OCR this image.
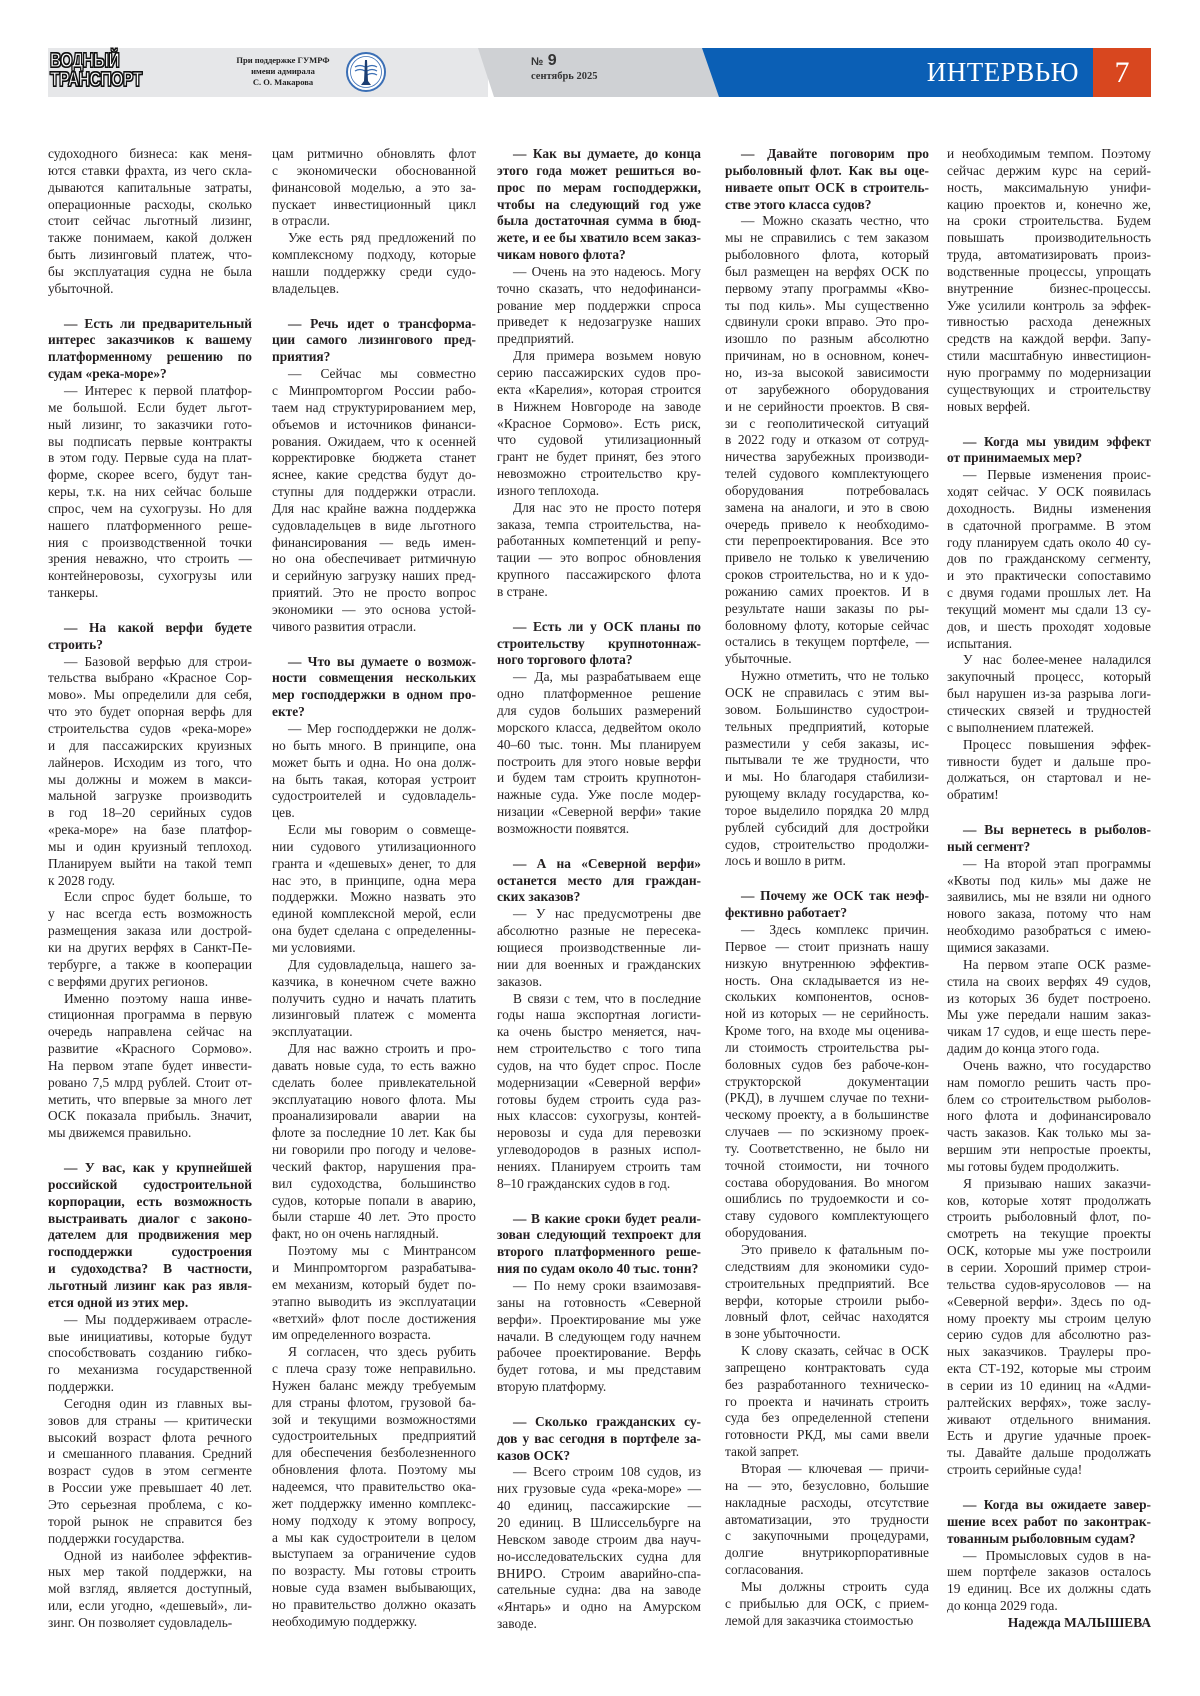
ВОДНЫЙ
ТРАНСПОРТ
При поддержке ГУМРФ
имени адмирала
С. О. Макарова
№ 9
сентябрь 2025	ИНТЕРВЬЮ	7
судоходного бизнеса: как меня-
ются ставки фрахта, из чего скла-
дываются капитальные затраты,
операционные расходы, сколько
стоит сейчас льготный лизинг,
также понимаем, какой должен
быть лизинговый платеж, что-
бы эксплуатация судна не была
убыточной.
— Есть ли предварительный
интерес заказчиков к вашему
платформенному решению по
судам «река-море»?
— Интерес к первой платфор-
ме большой. Если будет льгот-
ный лизинг, то заказчики гото-
вы подписать первые контракты
в этом году. Первые суда на плат-
форме, скорее всего, будут тан-
керы, т.к. на них сейчас больше
спрос, чем на сухогрузы. Но для
нашего платформенного реше-
ния с производственной точки
зрения неважно, что строить —
контейнеровозы, сухогрузы или
танкеры.
— На какой верфи будете
строить?
— Базовой верфью для строи-
тельства выбрано «Красное Сор-
мово». Мы определили для себя,
что это будет опорная верфь для
строительства судов «река-море»
и для пассажирских круизных
лайнеров. Исходим из того, что
мы должны и можем в макси-
мальной загрузке производить
в год 18–20 серийных судов
«река-море» на базе платфор-
мы и один круизный теплоход.
Планируем выйти на такой темп
к 2028 году.
Если спрос будет больше, то
у нас всегда есть возможность
размещения заказа или дострой-
ки на других верфях в Санкт-Пе-
тербурге, а также в кооперации
с верфями других регионов.
Именно поэтому наша инве-
стиционная программа в первую
очередь направлена сейчас на
развитие «Красного Сормово».
На первом этапе будет инвести-
ровано 7,5 млрд рублей. Стоит от-
метить, что впервые за много лет
ОСК показала прибыль. Значит,
мы движемся правильно.
— У вас, как у крупнейшей
российской судостроительной
корпорации, есть возможность
выстраивать диалог с законо-
дателем для продвижения мер
господдержки судостроения
и судоходства? В частности,
льготный лизинг как раз явля-
ется одной из этих мер.
— Мы поддерживаем отрасле-
вые инициативы, которые будут
способствовать созданию гибко-
го механизма государственной
поддержки.
Сегодня один из главных вы-
зовов для страны — критически
высокий возраст флота речного
и смешанного плавания. Средний
возраст судов в этом сегменте
в России уже превышает 40 лет.
Это серьезная проблема, с ко-
торой рынок не справится без
поддержки государства.
Одной из наиболее эффектив-
ных мер такой поддержки, на
мой взгляд, является доступный,
или, если угодно, «дешевый», ли-
зинг. Он позволяет судовладель-
цам ритмично обновлять флот
с экономически обоснованной
финансовой моделью, а это за-
пускает инвестиционный цикл
в отрасли.
Уже есть ряд предложений по
комплексному подходу, которые
нашли поддержку среди судо-
владельцев.
— Речь идет о трансформа-
ции самого лизингового пред-
приятия?
— Сейчас мы совместно
с Минпромторгом России рабо-
таем над структурированием мер,
объемов и источников финанси-
рования. Ожидаем, что к осенней
корректировке бюджета станет
яснее, какие средства будут до-
ступны для поддержки отрасли.
Для нас крайне важна поддержка
судовладельцев в виде льготного
финансирования — ведь имен-
но она обеспечивает ритмичную
и серийную загрузку наших пред-
приятий. Это не просто вопрос
экономики — это основа устой-
чивого развития отрасли.
— Что вы думаете о возмож-
ности совмещения нескольких
мер господдержки в одном про-
екте?
— Мер господдержки не долж-
но быть много. В принципе, она
может быть и одна. Но она долж-
на быть такая, которая устроит
судостроителей и судовладель-
цев.
Если мы говорим о совмеще-
нии судового утилизационного
гранта и «дешевых» денег, то для
нас это, в принципе, одна мера
поддержки. Можно назвать это
единой комплексной мерой, если
она будет сделана с определенны-
ми условиями.
Для судовладельца, нашего за-
казчика, в конечном счете важно
получить судно и начать платить
лизинговый платеж с момента
эксплуатации.
Для нас важно строить и про-
давать новые суда, то есть важно
сделать более привлекательной
эксплуатацию нового флота. Мы
проанализировали аварии на
флоте за последние 10 лет. Как бы
ни говорили про погоду и челове-
ческий фактор, нарушения пра-
вил судоходства, большинство
судов, которые попали в аварию,
были старше 40 лет. Это просто
факт, но он очень наглядный.
Поэтому мы с Минтрансом
и Минпромторгом разрабатыва-
ем механизм, который будет по-
этапно выводить из эксплуатации
«ветхий» флот после достижения
им определенного возраста.
Я согласен, что здесь рубить
с плеча сразу тоже неправильно.
Нужен баланс между требуемым
для страны флотом, грузовой ба-
зой и текущими возможностями
судостроительных предприятий
для обеспечения безболезненного
обновления флота. Поэтому мы
надеемся, что правительство ока-
жет поддержку именно комплекс-
ному подходу к этому вопросу,
а мы как судостроители в целом
выступаем за ограничение судов
по возрасту. Мы готовы строить
новые суда взамен выбывающих,
но правительство должно оказать
необходимую поддержку.
— Как вы думаете, до конца
этого года может решиться во-
прос по мерам господдержки,
чтобы на следующий год уже
была достаточная сумма в бюд-
жете, и ее бы хватило всем заказ-
чикам нового флота?
— Очень на это надеюсь. Могу
точно сказать, что недофинанси-
рование мер поддержки спроса
приведет к недозагрузке наших
предприятий.
Для примера возьмем новую
серию пассажирских судов про-
екта «Карелия», которая строится
в Нижнем Новгороде на заводе
«Красное Сормово». Есть риск,
что судовой утилизационный
грант не будет принят, без этого
невозможно строительство кру-
изного теплохода.
Для нас это не просто потеря
заказа, темпа строительства, на-
работанных компетенций и репу-
тации — это вопрос обновления
крупного пассажирского флота
в стране.
— Есть ли у ОСК планы по
строительству крупнотоннаж-
ного торгового флота?
— Да, мы разрабатываем еще
одно платформенное решение
для судов больших размерений
морского класса, дедвейтом около
40–60 тыс. тонн. Мы планируем
построить для этого новые верфи
и будем там строить крупнотон-
нажные суда. Уже после модер-
низации «Северной верфи» такие
возможности появятся.
— А на «Северной верфи»
останется место для граждан-
ских заказов?
— У нас предусмотрены две
абсолютно разные не пересека-
ющиеся производственные ли-
нии для военных и гражданских
заказов.
В связи с тем, что в последние
годы наша экспортная логисти-
ка очень быстро меняется, нач-
нем строительство с того типа
судов, на что будет спрос. После
модернизации «Северной верфи»
готовы будем строить суда раз-
ных классов: сухогрузы, контей-
неровозы и суда для перевозки
углеводородов в разных испол-
нениях. Планируем строить там
8–10 гражданских судов в год.
— В какие сроки будет реали-
зован следующий техпроект для
второго платформенного реше-
ния по судам около 40 тыс. тонн?
— По нему сроки взаимозавя-
заны на готовность «Северной
верфи». Проектирование мы уже
начали. В следующем году начнем
рабочее проектирование. Верфь
будет готова, и мы представим
вторую платформу.
— Сколько гражданских су-
дов у вас сегодня в портфеле за-
казов ОСК?
— Всего строим 108 судов, из
них грузовые суда «река-море» —
40 единиц, пассажирские —
20 единиц. В Шлиссельбурге на
Невском заводе строим два науч-
но-исследовательских судна для
ВНИРО. Строим аварийно-спа-
сательные судна: два на заводе
«Янтарь» и одно на Амурском
заводе.
— Давайте поговорим про
рыболовный флот. Как вы оце-
ниваете опыт ОСК в строитель-
стве этого класса судов?
— Можно сказать честно, что
мы не справились с тем заказом
рыболовного флота, который
был размещен на верфях ОСК по
первому этапу программы «Кво-
ты под киль». Мы существенно
сдвинули сроки вправо. Это про-
изошло по разным абсолютно
причинам, но в основном, конеч-
но, из-за высокой зависимости
от зарубежного оборудования
и не серийности проектов. В свя-
зи с геополитической ситуаций
в 2022 году и отказом от сотруд-
ничества зарубежных производи-
телей судового комплектующего
оборудования потребовалась
замена на аналоги, и это в свою
очередь привело к необходимо-
сти перепроектирования. Все это
привело не только к увеличению
сроков строительства, но и к удо-
рожанию самих проектов. И в
результате наши заказы по ры-
боловному флоту, которые сейчас
остались в текущем портфеле, —
убыточные.
Нужно отметить, что не только
ОСК не справилась с этим вы-
зовом. Большинство судострои-
тельных предприятий, которые
разместили у себя заказы, ис-
пытывали те же трудности, что
и мы. Но благодаря стабилизи-
рующему вкладу государства, ко-
торое выделило порядка 20 млрд
рублей субсидий для достройки
судов, строительство продолжи-
лось и вошло в ритм.
— Почему же ОСК так неэф-
фективно работает?
— Здесь комплекс причин.
Первое — стоит признать нашу
низкую внутреннюю эффектив-
ность. Она складывается из не-
скольких компонентов, основ-
ной из которых — не серийность.
Кроме того, на входе мы оценива-
ли стоимость строительства ры-
боловных судов без рабоче-кон-
структорской документации
(РКД), в лучшем случае по техни-
ческому проекту, а в большинстве
случаев — по эскизному проек-
ту. Соответственно, не было ни
точной стоимости, ни точного
состава оборудования. Во многом
ошиблись по трудоемкости и со-
ставу судового комплектующего
оборудования.
Это привело к фатальным по-
следствиям для экономики судо-
строительных предприятий. Все
верфи, которые строили рыбо-
ловный флот, сейчас находятся
в зоне убыточности.
К слову сказать, сейчас в ОСК
запрещено контрактовать суда
без разработанного техническо-
го проекта и начинать строить
суда без определенной степени
готовности РКД, мы сами ввели
такой запрет.
Вторая — ключевая — причи-
на — это, безусловно, большие
накладные расходы, отсутствие
автоматизации, это трудности
с закупочными процедурами,
долгие внутрикорпоративные
согласования.
Мы должны строить суда
с прибылью для ОСК, с прием-
лемой для заказчика стоимостью
и необходимым темпом. Поэтому
сейчас держим курс на серий-
ность, максимальную унифи-
кацию проектов и, конечно же,
на сроки строительства. Будем
повышать производительность
труда, автоматизировать произ-
водственные процессы, упрощать
внутренние бизнес-процессы.
Уже усилили контроль за эффек-
тивностью расхода денежных
средств на каждой верфи. Запу-
стили масштабную инвестицион-
ную программу по модернизации
существующих и строительству
новых верфей.
— Когда мы увидим эффект
от принимаемых мер?
— Первые изменения проис-
ходят сейчас. У ОСК появилась
доходность. Видны изменения
в сдаточной программе. В этом
году планируем сдать около 40 су-
дов по гражданскому сегменту,
и это практически сопоставимо
с двумя годами прошлых лет. На
текущий момент мы сдали 13 су-
дов, и шесть проходят ходовые
испытания.
У нас более-менее наладился
закупочный процесс, который
был нарушен из-за разрыва логи-
стических связей и трудностей
с выполнением платежей.
Процесс повышения эффек-
тивности будет и дальше про-
должаться, он стартовал и не-
обратим!
— Вы вернетесь в рыболов-
ный сегмент?
— На второй этап программы
«Квоты под киль» мы даже не
заявились, мы не взяли ни одного
нового заказа, потому что нам
необходимо разобраться с имею-
щимися заказами.
На первом этапе ОСК разме-
стила на своих верфях 49 судов,
из которых 36 будет построено.
Мы уже передали нашим заказ-
чикам 17 судов, и еще шесть пере-
дадим до конца этого года.
Очень важно, что государство
нам помогло решить часть про-
блем со строительством рыболов-
ного флота и дофинансировало
часть заказов. Как только мы за-
вершим эти непростые проекты,
мы готовы будем продолжить.
Я призываю наших заказчи-
ков, которые хотят продолжать
строить рыболовный флот, по-
смотреть на текущие проекты
ОСК, которые мы уже построили
в серии. Хороший пример строи-
тельства судов-ярусоловов — на
«Северной верфи». Здесь по од-
ному проекту мы строим целую
серию судов для абсолютно раз-
ных заказчиков. Траулеры про-
екта СТ-192, которые мы строим
в серии из 10 единиц на «Адми-
ралтейских верфях», тоже заслу-
живают отдельного внимания.
Есть и другие удачные проек-
ты. Давайте дальше продолжать
строить серийные суда!
— Когда вы ожидаете завер-
шение всех работ по законтрак-
тованным рыболовным судам?
— Промысловых судов в на-
шем портфеле заказов осталось
19 единиц. Все их должны сдать
до конца 2029 года.
Надежда МАЛЫШЕВА
